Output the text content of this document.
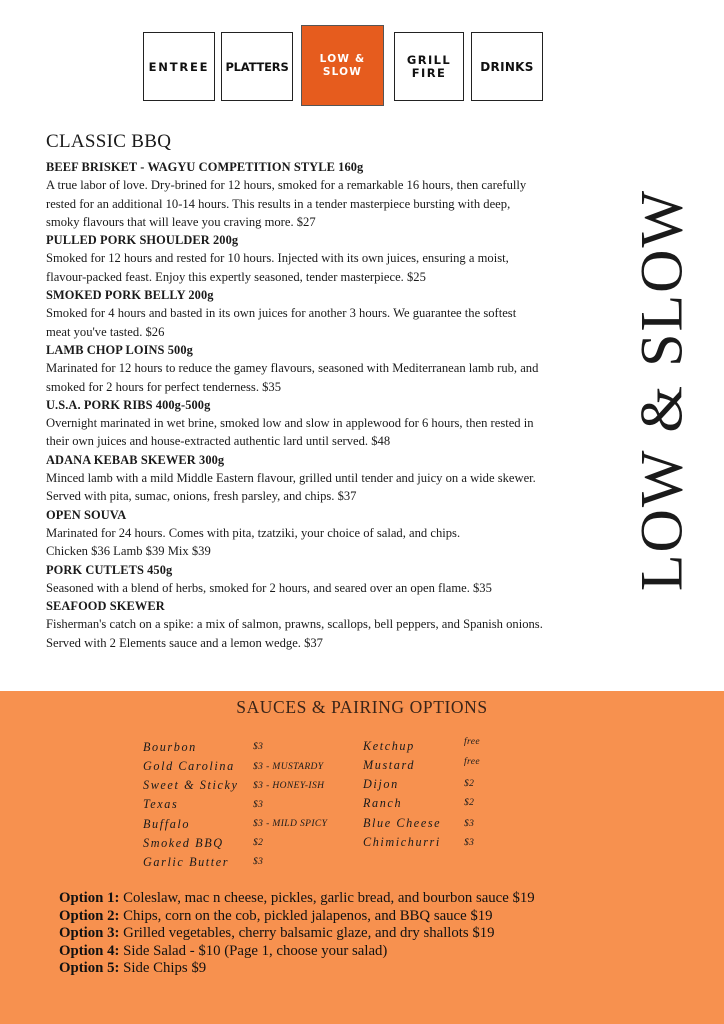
ENTREE	PLATTERS
LOW &
SLOW
GRILL
FIRE	DRINKS
CLASSIC BBQ
BEEF BRISKET - WAGYU COMPETITION STYLE 160g
A true labor of love. Dry-brined for 12 hours, smoked for a remarkable 16 hours, then carefully
rested for an additional 10-14 hours. This results in a tender masterpiece bursting with deep,
smoky flavours that will leave you craving more. $27
PULLED PORK SHOULDER 200g
Smoked for 12 hours and rested for 10 hours. Injected with its own juices, ensuring a moist,
flavour-packed feast. Enjoy this expertly seasoned, tender masterpiece. $25
SMOKED PORK BELLY 200g
Smoked for 4 hours and basted in its own juices for another 3 hours. We guarantee the softest
meat you've tasted. $26
LAMB CHOP LOINS 500g
Marinated for 12 hours to reduce the gamey flavours, seasoned with Mediterranean lamb rub, and
smoked for 2 hours for perfect tenderness. $35
U.S.A. PORK RIBS 400g-500g
Overnight marinated in wet brine, smoked low and slow in applewood for 6 hours, then rested in
their own juices and house-extracted authentic lard until served. $48
ADANA KEBAB SKEWER 300g
Minced lamb with a mild Middle Eastern flavour, grilled until tender and juicy on a wide skewer.
Served with pita, sumac, onions, fresh parsley, and chips. $37
OPEN SOUVA
Marinated for 24 hours. Comes with pita, tzatziki, your choice of salad, and chips.
Chicken $36 Lamb $39 Mix $39
PORK CUTLETS 450g
Seasoned with a blend of herbs, smoked for 2 hours, and seared over an open flame. $35
SEAFOOD SKEWER
Fisherman's catch on a spike: a mix of salmon, prawns, scallops, bell peppers, and Spanish onions.
Served with 2 Elements sauce and a lemon wedge. $37
LOW & SLOW
SAUCES & PAIRING OPTIONS
Bourbon
Gold Carolina
Sweet & Sticky
Texas
Buffalo
Smoked BBQ
Garlic Butter
$3
$3 - MUSTARDY
$3 - HONEY-ISH
$3
$3 - MILD SPICY
$2
$3
Ketchup
Mustard
Dijon
Ranch
Blue Cheese
Chimichurri
free
free
$2
$2
$3
$3
Option 1: Coleslaw, mac n cheese, pickles, garlic bread, and bourbon sauce $19
Option 2: Chips, corn on the cob, pickled jalapenos, and BBQ sauce $19
Option 3: Grilled vegetables, cherry balsamic glaze, and dry shallots $19
Option 4: Side Salad - $10 (Page 1, choose your salad)
Option 5: Side Chips $9
